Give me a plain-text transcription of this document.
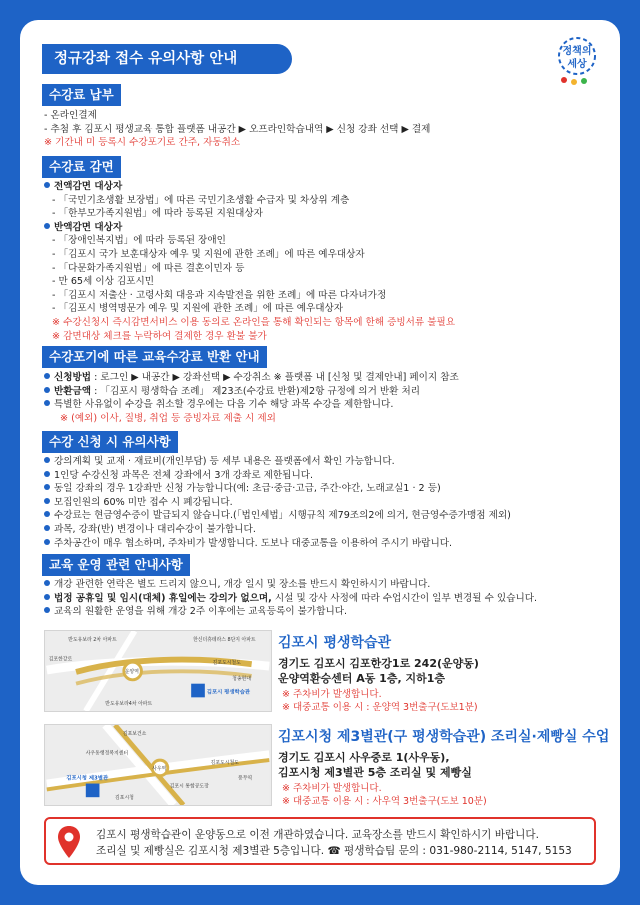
정규강좌 접수 유의사항 안내	정책의
세상
수강료 납부
- 온라인결제
- 추첨 후 김포시 평생교육 통합 플랫폼 내공간 ▶ 오프라인학습내역 ▶ 신청 강좌 선택 ▶ 결제
※ 기간내 미 등록시 수강포기로 간주, 자동취소
수강료 감면
전액감면 대상자
- 「국민기초생활 보장법」에 따른 국민기초생활 수급자 및 차상위 계층
- 「한부모가족지원법」에 따라 등록된 지원대상자
반액감면 대상자
- 「장애인복지법」에 따라 등록된 장애인
- 「김포시 국가 보훈대상자 예우 및 지원에 관한 조례」에 따른 예우대상자
- 「다문화가족지원법」에 따른 결혼이민자 등
- 만 65세 이상 김포시민
- 「김포시 저출산 · 고령사회 대응과 지속발전을 위한 조례」에 따른 다자녀가정
- 「김포시 병역명문가 예우 및 지원에 관한 조례」에 따른 예우대상자
※ 수강신청시 즉시감면서비스 이용 동의로 온라인을 통해 확인되는 항목에 한해 증빙서류 불필요
※ 감면대상 체크를 누락하여 결제한 경우 환불 불가
수강포기에 따른 교육수강료 반환 안내
신청방법 : 로그인 ▶ 내공간 ▶ 강좌선택 ▶ 수강취소 ※ 플랫폼 내 [신청 및 결제안내] 페이지 참조
반환금액 : 「김포시 평생학습 조례」 제23조(수강료 반환)제2항 규정에 의거 반환 처리
특별한 사유없이 수강을 취소할 경우에는 다음 기수 해당 과목 수강을 제한합니다.
※ (예외) 이사, 질병, 취업 등 증빙자료 제출 시 제외
수강 신청 시 유의사항
강의계획 및 교재 · 재료비(개인부담) 등 세부 내용은 플랫폼에서 확인 가능합니다.
1인당 수강신청 과목은 전체 강좌에서 3개 강좌로 제한됩니다.
동일 강좌의 경우 1강좌만 신청 가능합니다(예: 초급·중급·고급, 주간·야간, 노래교실1 · 2 등)
모집인원의 60% 미만 접수 시 폐강됩니다.
수강료는 현금영수증이 발급되지 않습니다.(「법인세법」시행규칙 제79조의2에 의거, 현금영수증가맹점 제외)
과목, 강좌(반) 변경이나 대리수강이 불가합니다.
주차공간이 매우 협소하며, 주차비가 발생합니다. 도보나 대중교통을 이용하여 주시기 바랍니다.
교육 운영 관련 안내사항
개강 관련한 연락은 별도 드리지 않으니, 개강 일시 및 장소를 반드시 확인하시기 바랍니다.
법정 공휴일 및 임시(대체) 휴일에는 강의가 없으며, 시설 및 강사 사정에 따라 수업시간이 일부 변경될 수 있습니다.
교육의 원활한 운영을 위해 개강 2주 이후에는 교육등록이 불가합니다.
반도유보라 2차 아파트	한신더휴테라스 8단지 아파트
김포한강로
운양역
김포도시철도
김포시 평생학습관
반도유보라4차 아파트
청송현대
김포시 평생학습관
경기도 김포시 김포한강1로 242(운양동)
운양역환승센터 A동 1층, 지하1층
※ 주차비가 발생합니다.
※ 대중교통 이용 시 : 운양역 3번출구(도보1분)
김포보건소
사우동행정복지센터
사우역
김포도시철도
김포시청 제3별관
김포시청
김포시 통합공도장
풍무역
김포시청 제3별관(구 평생학습관) 조리실·제빵실 수업
경기도 김포시 사우중로 1(사우동),
김포시청 제3별관 5층 조리실 및 제빵실
※ 주차비가 발생합니다.
※ 대중교통 이용 시 : 사우역 3번출구(도보 10분)
김포시 평생학습관이 운양동으로 이전 개관하였습니다. 교육장소를 반드시 확인하시기 바랍니다.
조리실 및 제빵실은 김포시청 제3별관 5층입니다. ☎ 평생학습팀 문의 : 031-980-2114, 5147, 5153
